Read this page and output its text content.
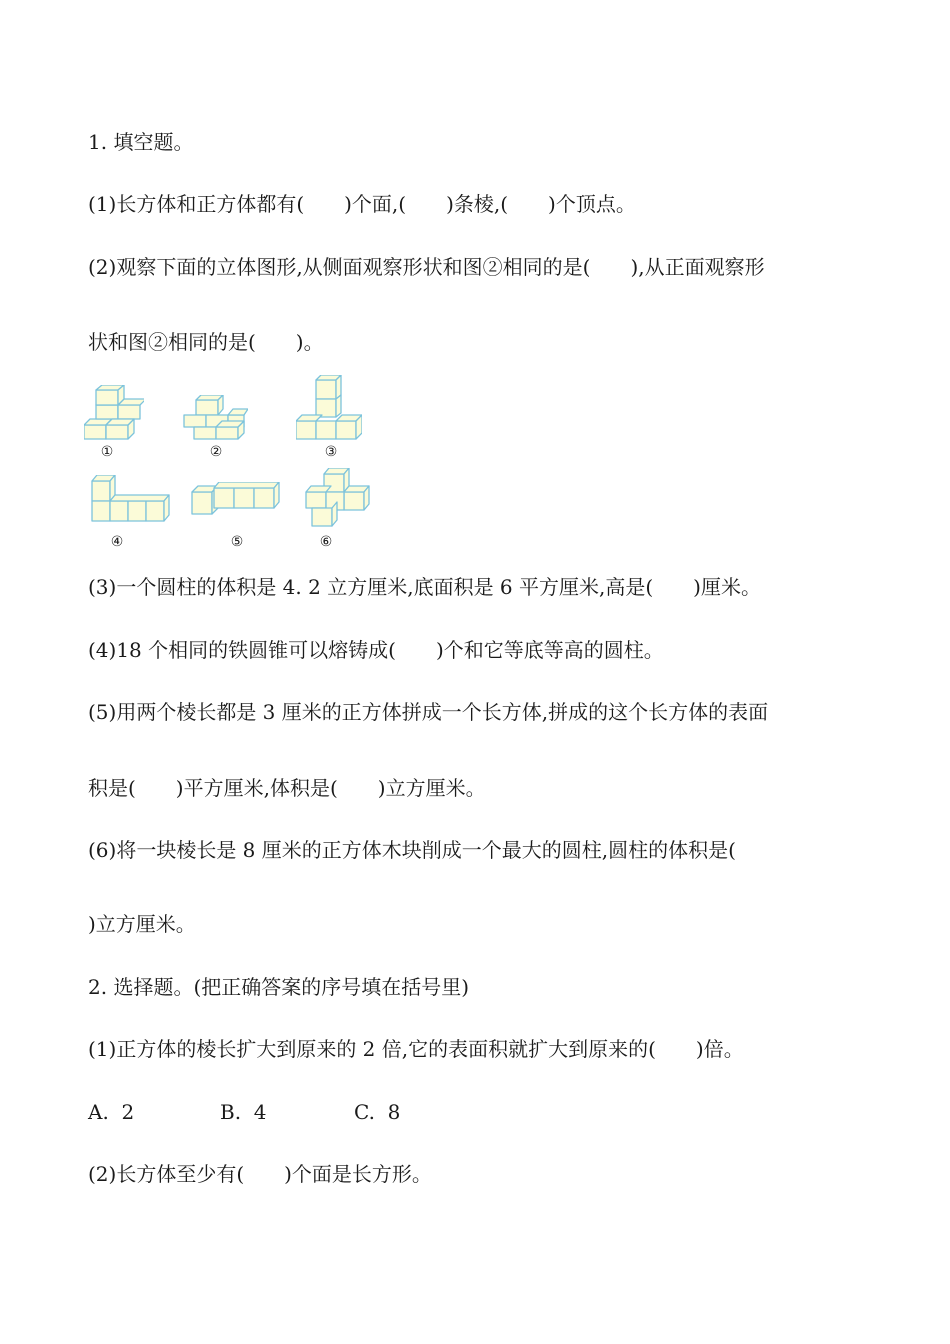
1. 填空题。
(1)长方体和正方体都有(　　)个面,(　　)条棱,(　　)个顶点。
(2)观察下面的立体图形,从侧面观察形状和图②相同的是(　　),从正面观察形
状和图②相同的是(　　)。
①	②	③
④	⑤	⑥
(3)一个圆柱的体积是 4. 2 立方厘米,底面积是 6 平方厘米,高是(　　)厘米。
(4)18 个相同的铁圆锥可以熔铸成(　　)个和它等底等高的圆柱。
(5)用两个棱长都是 3 厘米的正方体拼成一个长方体,拼成的这个长方体的表面
积是(　　)平方厘米,体积是(　　)立方厘米。
(6)将一块棱长是 8 厘米的正方体木块削成一个最大的圆柱,圆柱的体积是(
)立方厘米。
2. 选择题。(把正确答案的序号填在括号里)
(1)正方体的棱长扩大到原来的 2 倍,它的表面积就扩大到原来的(　　)倍。
A.  2	B.  4	C.  8
(2)长方体至少有(　　)个面是长方形。
